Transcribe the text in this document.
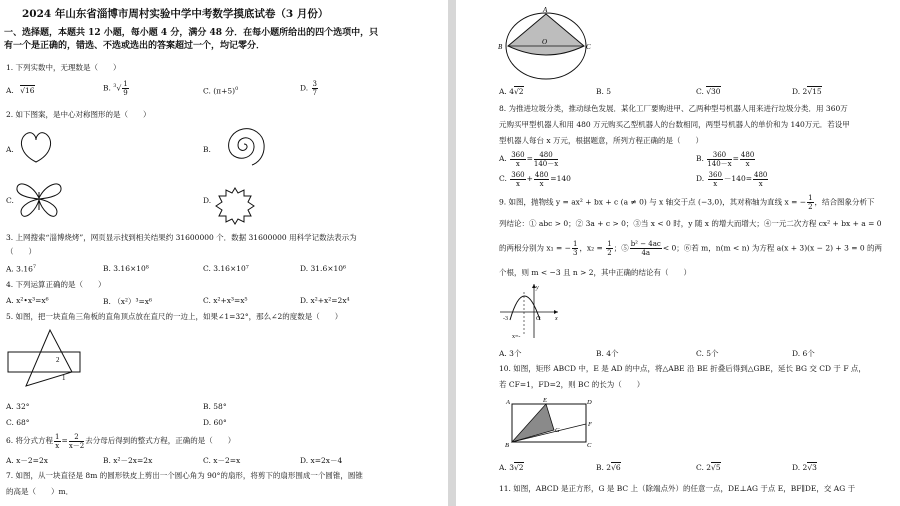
2024 年山东省淄博市周村实验中学中考数学摸底试卷（3 月份）
一、选择题，本题共 12 小题，每小题 4 分，满分 48 分．在每小题所给出的四个选项中，只
有一个是正确的，错选、不选或选出的答案超过一个，均记零分．
1. 下列实数中，无理数是（　　）
A. √16	B. $^3√ \frac{1}{9}$	C. $(\pi+5)^0$	D. $\frac{3}{7}$
2. 如下图案，是中心对称图形的是（　　）
A.	B.
C.	D.
3. 上网搜索“淄博烧烤”，网页显示找到相关结果约 31600000 个．数据 31600000 用科学记数法表示为
（　　）
A. 3.16$^7$	B. 3.16×10⁸	C. 3.16×10⁷	D. 31.6×10⁶
4. 下列运算正确的是（　　）
A. x²•x³=x⁶	B. （x²）³=x⁶	C. x²+x³=x⁵	D. x²+x²=2x⁴
5. 如图，把一块直角三角板的直角顶点放在直尺的一边上，如果∠1=32°，那么∠2的度数是（　　）
2
1
A. 32°	B. 58°
C. 68°	D. 60°
6. 将分式方程 $\frac{1}{x} = \frac{2}{x-2}$ 去分母后得到的整式方程，正确的是（　　）
A. x－2=2x	B. x²－2x=2x	C. x－2=x	D. x=2x－4
7. 如图，从一块直径是 8m 的圆形铁皮上剪出一个圆心角为 90°的扇形，将剪下的扇形围成一个圆锥，圆锥
的高是（　　）m．
A
O
B	C
A. 4√2	B. 5	C. √30	D. 2√15
8. 为推进垃圾分类，推动绿色发展．某化工厂要购进甲、乙两种型号机器人用来进行垃圾分类．用 360万
元购买甲型机器人和用 480 万元购买乙型机器人的台数相同，两型号机器人的单价和为 140万元．若设甲
型机器人每台 x 万元，根据题意，所列方程正确的是（　　）
A. $\frac{360}{x} = \frac{480}{140-x}$	B. $\frac{360}{140-x} = \frac{480}{x}$
C. $\frac{360}{x} + \frac{480}{x} =140$	D. $\frac{360}{x} -140= \frac{480}{x}$
9. 如图，抛物线 y = ax² + bx + c (a ≠ 0) 与 x 轴交于点 (−3,0)，其对称轴为直线 x = − $\frac{1}{2}$ ，结合图象分析下
列结论：① abc > 0；② 3a + c > 0；③当 x < 0 时，y 随 x 的增大而增大；④一元二次方程 cx² + bx + a = 0
的两根分别为 x₁ = − $\frac{1}{3}$ ，$x_2 = \frac{1}{2}$ ；⑤ $\frac{\text{b² − 4ac}}{4a} < 0$；⑥若 m，n(m < n) 为方程 a(x + 3)(x − 2) + 3 = 0 的两
个根，则 m < −3 且 n > 2，其中正确的结论有（　　）
y
x
O
-3
x=-
A. 3个	B. 4个	C. 5个	D. 6个
10. 如图，矩形 ABCD 中，E 是 AD 的中点，将△ABE 沿 BE 折叠后得到△GBE，延长 BG 交 CD 于 F 点，
若 CF=1，FD=2，则 BC 的长为（　　）
A	E	D
G
F
B	C
A. 3√2	B. 2√6	C. 2√5	D. 2√3
11. 如图，ABCD 是正方形，G 是 BC 上（除端点外）的任意一点，DE⊥AG 于点 E，BF∥DE，交 AG 于
